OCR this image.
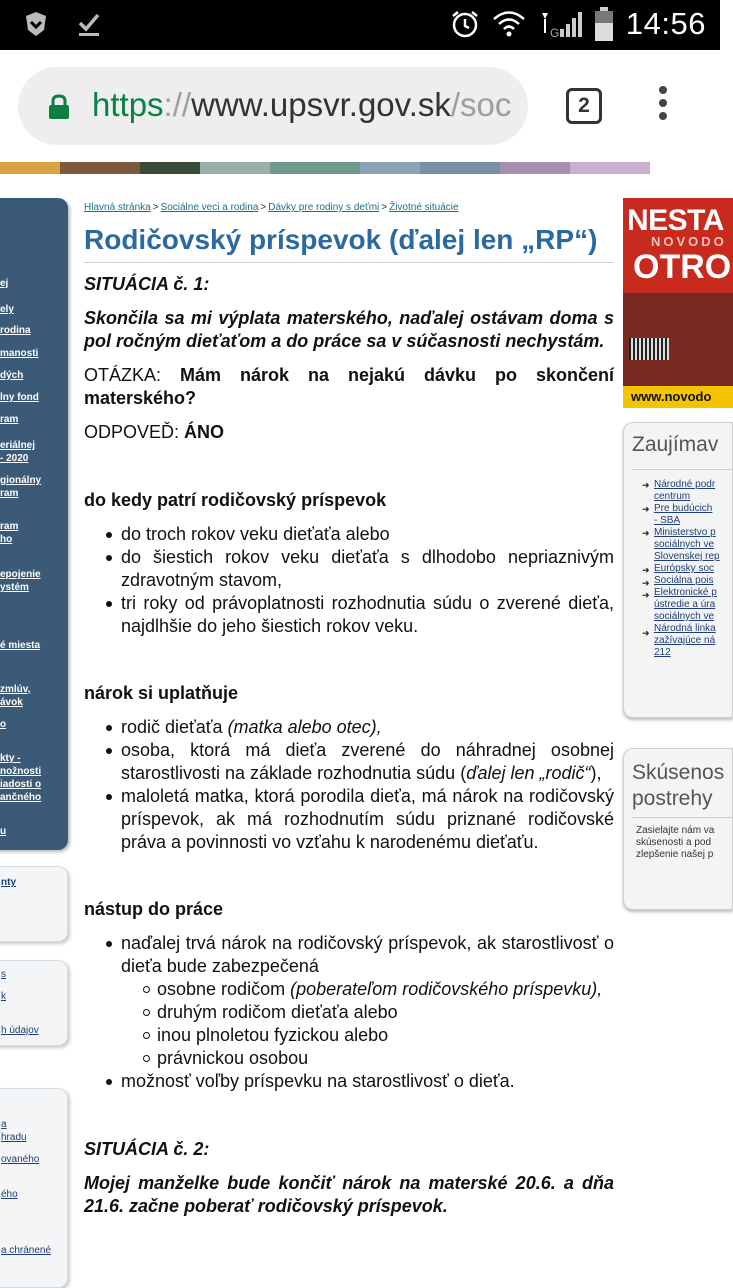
G 14:56
https://www.upsvr.gov.sk/soc	2
ej
ely
rodina
manosti
dých
lny fond
ram
eriálnej
- 2020
gionálny
ram
ram
ho
epojenie
ystém
é miesta
zmlúv,
ávok
o
kty -
nožnosti
iadosti o
ančného
u
nty
s
k
h údajov
a
hradu
ovaného
ého
a chránené
Hlavná stránka > Sociálne veci a rodina > Dávky pre rodiny s deťmi > Životné situácie
Rodičovský príspevok (ďalej len „RP“)
SITUÁCIA č. 1:
Skončila sa mi výplata materského, naďalej ostávam doma s pol ročným dieťaťom a do práce sa v súčasnosti nechystám.
OTÁZKA: Mám nárok na nejakú dávku po skončení materského?
ODPOVEĎ: ÁNO
do kedy patrí rodičovský príspevok
do troch rokov veku dieťaťa alebo
do šiestich rokov veku dieťaťa s dlhodobo nepriaznivým zdravotným stavom,
tri roky od právoplatnosti rozhodnutia súdu o zverené dieťa, najdlhšie do jeho šiestich rokov veku.
nárok si uplatňuje
rodič dieťaťa (matka alebo otec),
osoba, ktorá má dieťa zverené do náhradnej osobnej starostlivosti na základe rozhodnutia súdu (ďalej len „rodič“),
maloletá matka, ktorá porodila dieťa, má nárok na rodičovský príspevok, ak má rozhodnutím súdu priznané rodičovské práva a povinnosti vo vzťahu k narodenému dieťaťu.
nástup do práce
naďalej trvá nárok na rodičovský príspevok, ak starostlivosť o dieťa bude zabezpečená
osobne rodičom (poberateľom rodičovského príspevku),
druhým rodičom dieťaťa alebo
inou plnoletou fyzickou alebo
právnickou osobou
možnosť voľby príspevku na starostlivosť o dieťa.
SITUÁCIA č. 2:
Mojej manželke bude končiť nárok na materské 20.6. a dňa 21.6. začne poberať rodičovský príspevok.
NESTA
NOVODO
OTRO
www.novodo
Zaujímav
➜
➜
➜
➜
➜
➜
➜
Národné podr
centrum
Pre budúcich
- SBA
Ministerstvo p
sociálnych ve
Slovenskej rep
Európsky soc
Sociálna pois
Elektronické p
ústredie a úra
sociálnych ve
Národná linka
zažívajúce ná
212
Skúsenos
postrehy
Zasielajte nám va
skúsenosti a pod
zlepšenie našej p
